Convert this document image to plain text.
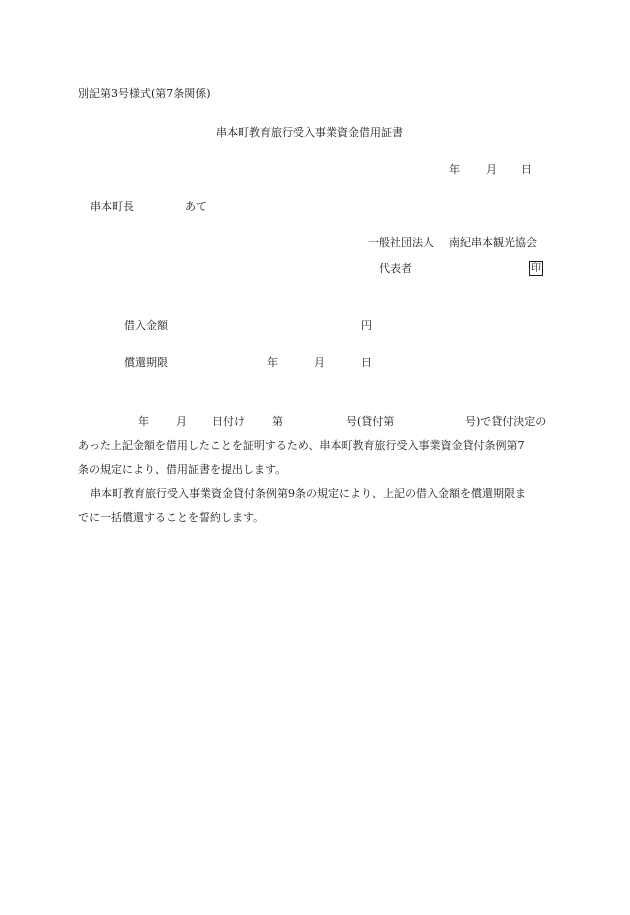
別記第3号様式(第7条関係)
串本町教育旅行受入事業資金借用証書
年 月 日
串本町長	あて
一般社団法人 南紀串本観光協会
代表者	印
借入金額	円
償還期限	年	月	日
年 月 日付け 第	号(貸付第	号)で貸付決定の
あった上記金額を借用したことを証明するため、串本町教育旅行受入事業資金貸付条例第7
条の規定により、借用証書を提出します。
串本町教育旅行受入事業資金貸付条例第9条の規定により、上記の借入金額を償還期限ま
でに一括償還することを誓約します。
